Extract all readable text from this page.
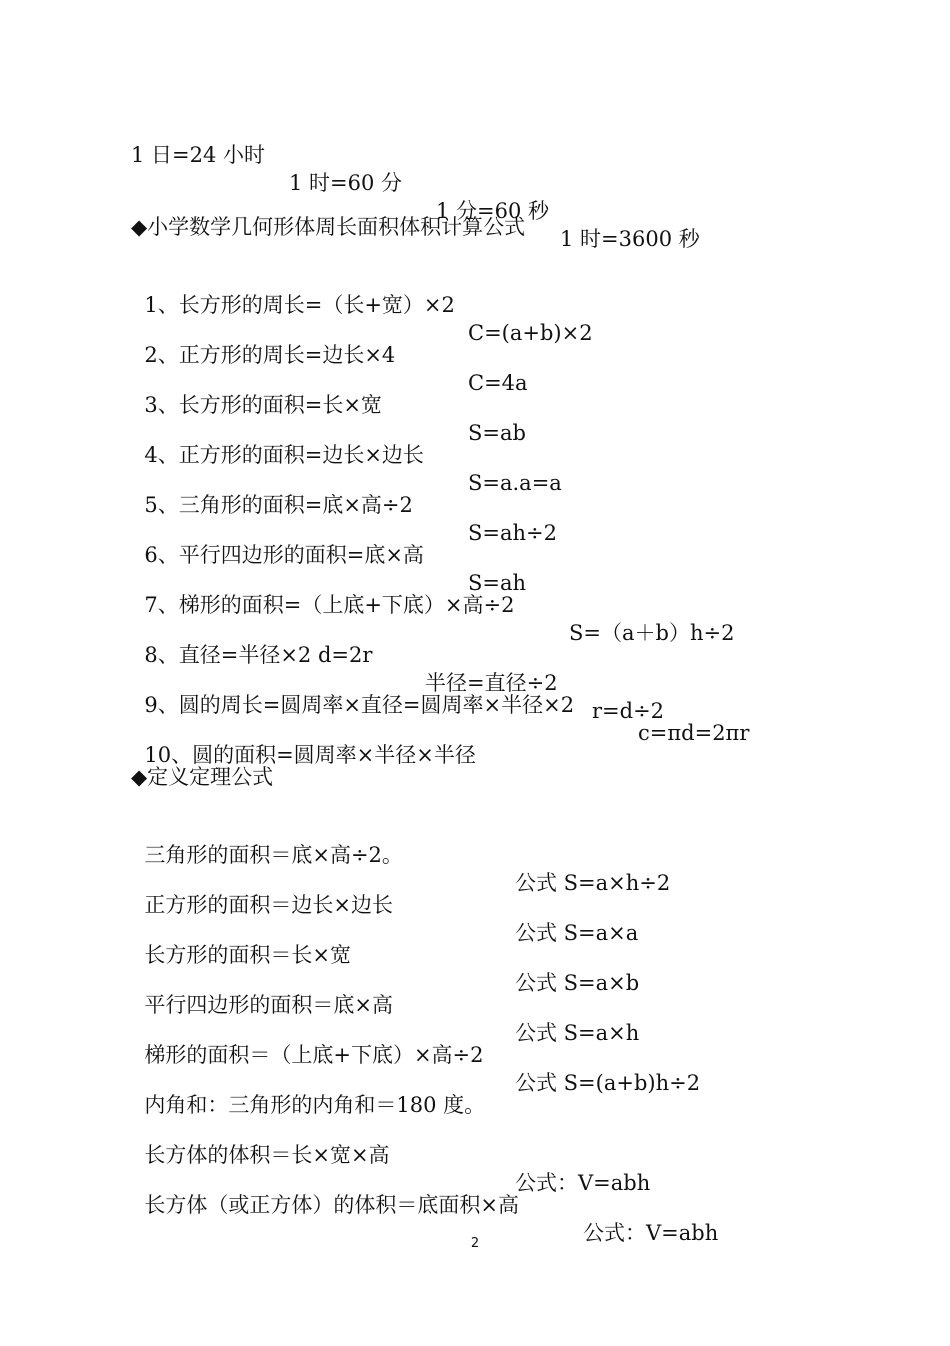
1 日=24 小时

1 时=60 分

1 分=60 秒

1 时=3600 秒

◆小学数学几何形体周长面积体积计算公式

1、长方形的周长=（长+宽）×2

C=(a+b)×2

2、正方形的周长=边长×4

C=4a

3、长方形的面积=长×宽

S=ab

4、正方形的面积=边长×边长

S=a.a=a

5、三角形的面积=底×高÷2

S=ah÷2

6、平行四边形的面积=底×高

S=ah

7、梯形的面积=（上底+下底）×高÷2

S=（a＋b）h÷2

8、直径=半径×2 d=2r

半径=直径÷2

r=d÷2

9、圆的周长=圆周率×直径=圆周率×半径×2

c=πd=2πr

10、圆的面积=圆周率×半径×半径

◆定义定理公式

三角形的面积＝底×高÷2。

公式 S=a×h÷2

正方形的面积＝边长×边长

公式 S=a×a

长方形的面积＝长×宽

公式 S=a×b

平行四边形的面积＝底×高

公式 S=a×h

梯形的面积＝（上底+下底）×高÷2

公式 S=(a+b)h÷2

内角和：三角形的内角和＝180 度。

长方体的体积＝长×宽×高

公式：V=abh

长方体（或正方体）的体积＝底面积×高

公式：V=abh

2
